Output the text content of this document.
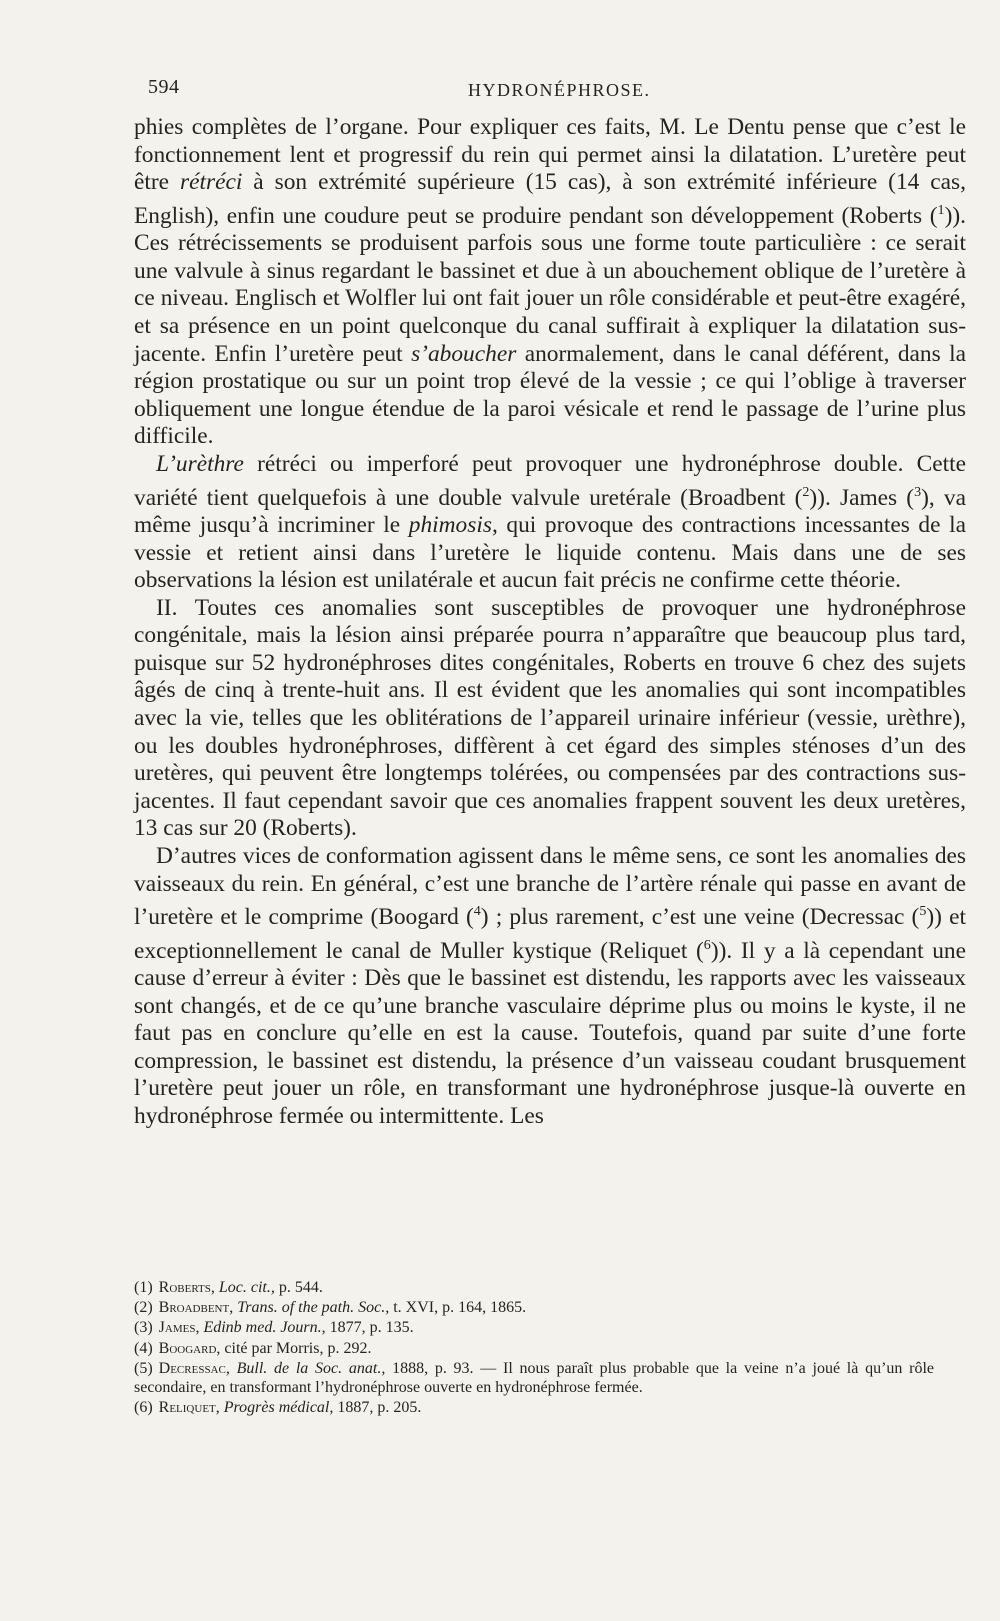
594	HYDRONÉPHROSE.

phies complètes de l’organe. Pour expliquer ces faits, M. Le Dentu pense que c’est le fonctionnement lent et progressif du rein qui permet ainsi la dilatation. L’uretère peut être rétréci à son extrémité supérieure (15 cas), à son extrémité inférieure (14 cas, English), enfin une coudure peut se produire pendant son développement (Roberts ($^1$)). Ces rétrécissements se produisent parfois sous une forme toute particulière : ce serait une valvule à sinus regardant le bassinet et due à un abouchement oblique de l’uretère à ce niveau. Englisch et Wolfler lui ont fait jouer un rôle considérable et peut-être exagéré, et sa présence en un point quelconque du canal suffirait à expliquer la dilatation sus-jacente. Enfin l’uretère peut s’aboucher anormalement, dans le canal déférent, dans la région prostatique ou sur un point trop élevé de la vessie ; ce qui l’oblige à traverser obliquement une longue étendue de la paroi vésicale et rend le passage de l’urine plus difficile.

L’urèthre rétréci ou imperforé peut provoquer une hydronéphrose double. Cette variété tient quelquefois à une double valvule uretérale (Broadbent ($^2$)). James ($^3$), va même jusqu’à incriminer le phimosis, qui provoque des contractions incessantes de la vessie et retient ainsi dans l’uretère le liquide contenu. Mais dans une de ses observations la lésion est unilatérale et aucun fait précis ne confirme cette théorie.

II. Toutes ces anomalies sont susceptibles de provoquer une hydronéphrose congénitale, mais la lésion ainsi préparée pourra n’apparaître que beaucoup plus tard, puisque sur 52 hydronéphroses dites congénitales, Roberts en trouve 6 chez des sujets âgés de cinq à trente-huit ans. Il est évident que les anomalies qui sont incompatibles avec la vie, telles que les oblitérations de l’appareil urinaire inférieur (vessie, urèthre), ou les doubles hydronéphroses, diffèrent à cet égard des simples sténoses d’un des uretères, qui peuvent être longtemps tolérées, ou compensées par des contractions sus-jacentes. Il faut cependant savoir que ces anomalies frappent souvent les deux uretères, 13 cas sur 20 (Roberts).

D’autres vices de conformation agissent dans le même sens, ce sont les anomalies des vaisseaux du rein. En général, c’est une branche de l’artère rénale qui passe en avant de l’uretère et le comprime (Boogard ($^4$) ; plus rarement, c’est une veine (Decressac ($^5$)) et exceptionnellement le canal de Muller kystique (Reliquet ($^6$)). Il y a là cependant une cause d’erreur à éviter : Dès que le bassinet est distendu, les rapports avec les vaisseaux sont changés, et de ce qu’une branche vasculaire déprime plus ou moins le kyste, il ne faut pas en conclure qu’elle en est la cause. Toutefois, quand par suite d’une forte compression, le bassinet est distendu, la présence d’un vaisseau coudant brusquement l’uretère peut jouer un rôle, en transformant une hydronéphrose jusque-là ouverte en hydronéphrose fermée ou intermittente. Les

(1) Roberts, Loc. cit., p. 544.
(2) Broadbent, Trans. of the path. Soc., t. XVI, p. 164, 1865.
(3) James, Edinb med. Journ., 1877, p. 135.
(4) Boogard, cité par Morris, p. 292.
(5) Decressac, Bull. de la Soc. anat., 1888, p. 93. — Il nous paraît plus probable que la veine n’a joué là qu’un rôle secondaire, en transformant l’hydronéphrose ouverte en hydronéphrose fermée.
(6) Reliquet, Progrès médical, 1887, p. 205.
